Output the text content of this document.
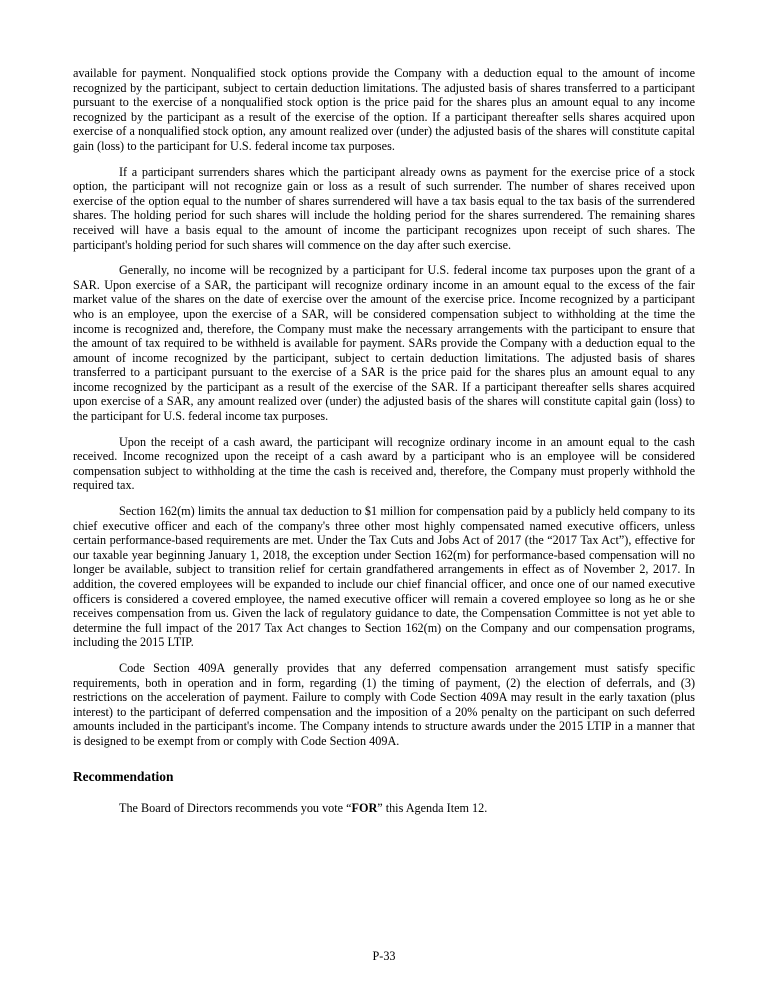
available for payment. Nonqualified stock options provide the Company with a deduction equal to the amount of income recognized by the participant, subject to certain deduction limitations. The adjusted basis of shares transferred to a participant pursuant to the exercise of a nonqualified stock option is the price paid for the shares plus an amount equal to any income recognized by the participant as a result of the exercise of the option. If a participant thereafter sells shares acquired upon exercise of a nonqualified stock option, any amount realized over (under) the adjusted basis of the shares will constitute capital gain (loss) to the participant for U.S. federal income tax purposes.

If a participant surrenders shares which the participant already owns as payment for the exercise price of a stock option, the participant will not recognize gain or loss as a result of such surrender. The number of shares received upon exercise of the option equal to the number of shares surrendered will have a tax basis equal to the tax basis of the surrendered shares. The holding period for such shares will include the holding period for the shares surrendered. The remaining shares received will have a basis equal to the amount of income the participant recognizes upon receipt of such shares. The participant's holding period for such shares will commence on the day after such exercise.

Generally, no income will be recognized by a participant for U.S. federal income tax purposes upon the grant of a SAR. Upon exercise of a SAR, the participant will recognize ordinary income in an amount equal to the excess of the fair market value of the shares on the date of exercise over the amount of the exercise price. Income recognized by a participant who is an employee, upon the exercise of a SAR, will be considered compensation subject to withholding at the time the income is recognized and, therefore, the Company must make the necessary arrangements with the participant to ensure that the amount of tax required to be withheld is available for payment. SARs provide the Company with a deduction equal to the amount of income recognized by the participant, subject to certain deduction limitations. The adjusted basis of shares transferred to a participant pursuant to the exercise of a SAR is the price paid for the shares plus an amount equal to any income recognized by the participant as a result of the exercise of the SAR. If a participant thereafter sells shares acquired upon exercise of a SAR, any amount realized over (under) the adjusted basis of the shares will constitute capital gain (loss) to the participant for U.S. federal income tax purposes.

Upon the receipt of a cash award, the participant will recognize ordinary income in an amount equal to the cash received. Income recognized upon the receipt of a cash award by a participant who is an employee will be considered compensation subject to withholding at the time the cash is received and, therefore, the Company must properly withhold the required tax.

Section 162(m) limits the annual tax deduction to $1 million for compensation paid by a publicly held company to its chief executive officer and each of the company's three other most highly compensated named executive officers, unless certain performance-based requirements are met. Under the Tax Cuts and Jobs Act of 2017 (the “2017 Tax Act”), effective for our taxable year beginning January 1, 2018, the exception under Section 162(m) for performance-based compensation will no longer be available, subject to transition relief for certain grandfathered arrangements in effect as of November 2, 2017. In addition, the covered employees will be expanded to include our chief financial officer, and once one of our named executive officers is considered a covered employee, the named executive officer will remain a covered employee so long as he or she receives compensation from us. Given the lack of regulatory guidance to date, the Compensation Committee is not yet able to determine the full impact of the 2017 Tax Act changes to Section 162(m) on the Company and our compensation programs, including the 2015 LTIP.

Code Section 409A generally provides that any deferred compensation arrangement must satisfy specific requirements, both in operation and in form, regarding (1) the timing of payment, (2) the election of deferrals, and (3) restrictions on the acceleration of payment. Failure to comply with Code Section 409A may result in the early taxation (plus interest) to the participant of deferred compensation and the imposition of a 20% penalty on the participant on such deferred amounts included in the participant's income. The Company intends to structure awards under the 2015 LTIP in a manner that is designed to be exempt from or comply with Code Section 409A.

Recommendation

The Board of Directors recommends you vote “FOR” this Agenda Item 12.

P-33
